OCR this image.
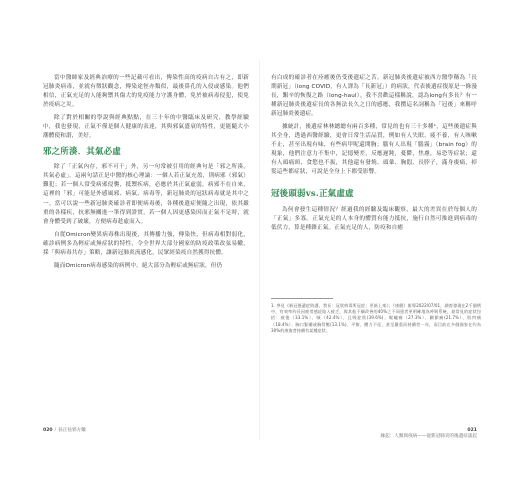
當中醫師家及經典治療的一些記載可看出，傳染性高的疫病自古有之，即新冠肺炎病毒，並就有徵狀觀念，傳染途徑亦類似，最後鼻孔的入侵或感染。他們相信，正氣充足的人能夠禦其傷大的免疫能力守護身體，免於被病毒侵犯，使免於疫病之災。

除了對於相關的學說與經典點點，在三十年的中醫臨床及研究，教學經驗中，我也發現，正氣不僅是個人健康的表達，其與邪氣盛衰的特性，更能隨大小潮體使和諧，美好。

邪之所湊．其氣必虛

除了「正氣內存，邪不可干」外，另一句常被引用的經典句是「邪之所湊，其氣必虛」。這兩句話正是中醫的核心理論：一個人若正氣充盈，則病邪（邪氣）難犯；若一個人常受病邪侵襲，抵禦疾病，必應於其正氣虛弱，病邪不在自來，這裡的「邪」可能是外感風邪、病氣、病毒等，新冠肺炎的冠狀病毒就是其中之一。當可以說一些新冠肺炎確診者即便病毒後，各種後遺症便隨之出現，依其嚴重的各樣疾，抗邪無關進一筆得到證實，若一個人因更感染因而正氣不足時，就會身體受到了破壞，方便病毒趁虛而入。

自從Omicron變異病毒株出現後，其傳播力強，傳染快，但病毒相對弱化，確診病例多為輕症或無症狀的特性，令全世界大部分國家的防疫政策改弦易轍，採「與病毒共存」策略，讓新冠肺炎流感化，民眾經染疫自然獲得抗體。

隨而Omicron病毒感染的病例中，絕大部分為輕症或無症狀，但仍

有白成的確診者在痊癒後仍受後遺症之苦。新冠肺炎後遺症被西方醫學稱為「長期新冠」（long COVID，有人譯為「長新冠」）的病狀，代表後遺症復原是一條漫長，艱辛的恢復之路（long-haul）。我不喜歡這樣稱說，認為long有多長？有一種新冠肺炎後遺症長的各無法長久之日的感應，我攬這名詞稱為「冠後」來稱呼新冠肺炎後遺症。

據統計，後遺症林林總總有兩百多種，常見的也有三十多種¹，這些後遺症與其全身，透過西醫經驗，更會日常生活品質，例如有人失眠，疲不養，有人咳嗽不止，甚至出現有味，有些病甲呢還開胸；腦有人出現「腦霧」（brain fog）的現象，他們注意力不集中，記憶變差，反應遲鈍，憂鬱，焦慮，易恐等症狀；還有人頭痛頸，食慾也不振，其他還有發燒、頭暈、胸悶、長脖子，滿身痠痛，掉髮這些都症狀，可說是全身上下都受影響。

冠後頭弱vs.正氣虛虛

為何會發生這種情況？經過我的經驗及臨床觀察，最大的差異在於每個人的「正氣」多寡。正氣充足的人本身的體質有能力抵抗，施行自然可推進到病毒的低伏力，算是種雜正氣。正氣充足的人，防疫和自癒

1. 參見《新冠後遺症防護，我長：冠狀病毒所冠症」更新上來》；《康健》報導2022/07/01，調查發現在2千個例中，有效率約長因疲勞感症陷入疲乏，與其他不願改善的40%之不同患者更明確地為呼吸系統，最常見的症狀包括：疲倦（33.1%）、咳（42.4%）、且吸症狀(39.6%)、喉嚨痛（27.3%）、關節痛(21.7%）、肌肉痛（18.4%）、胸口緊繃或胸骨壓(13.1%)、平衡、體力不佳，甚至嚴重而持續者一年，而目前在多個國家在約為30%的康復者持續有某種症狀。

020 / 扶正祛邪方藥	021
緣起：人類與疫病——從新冠肺炎的後遺症談起
